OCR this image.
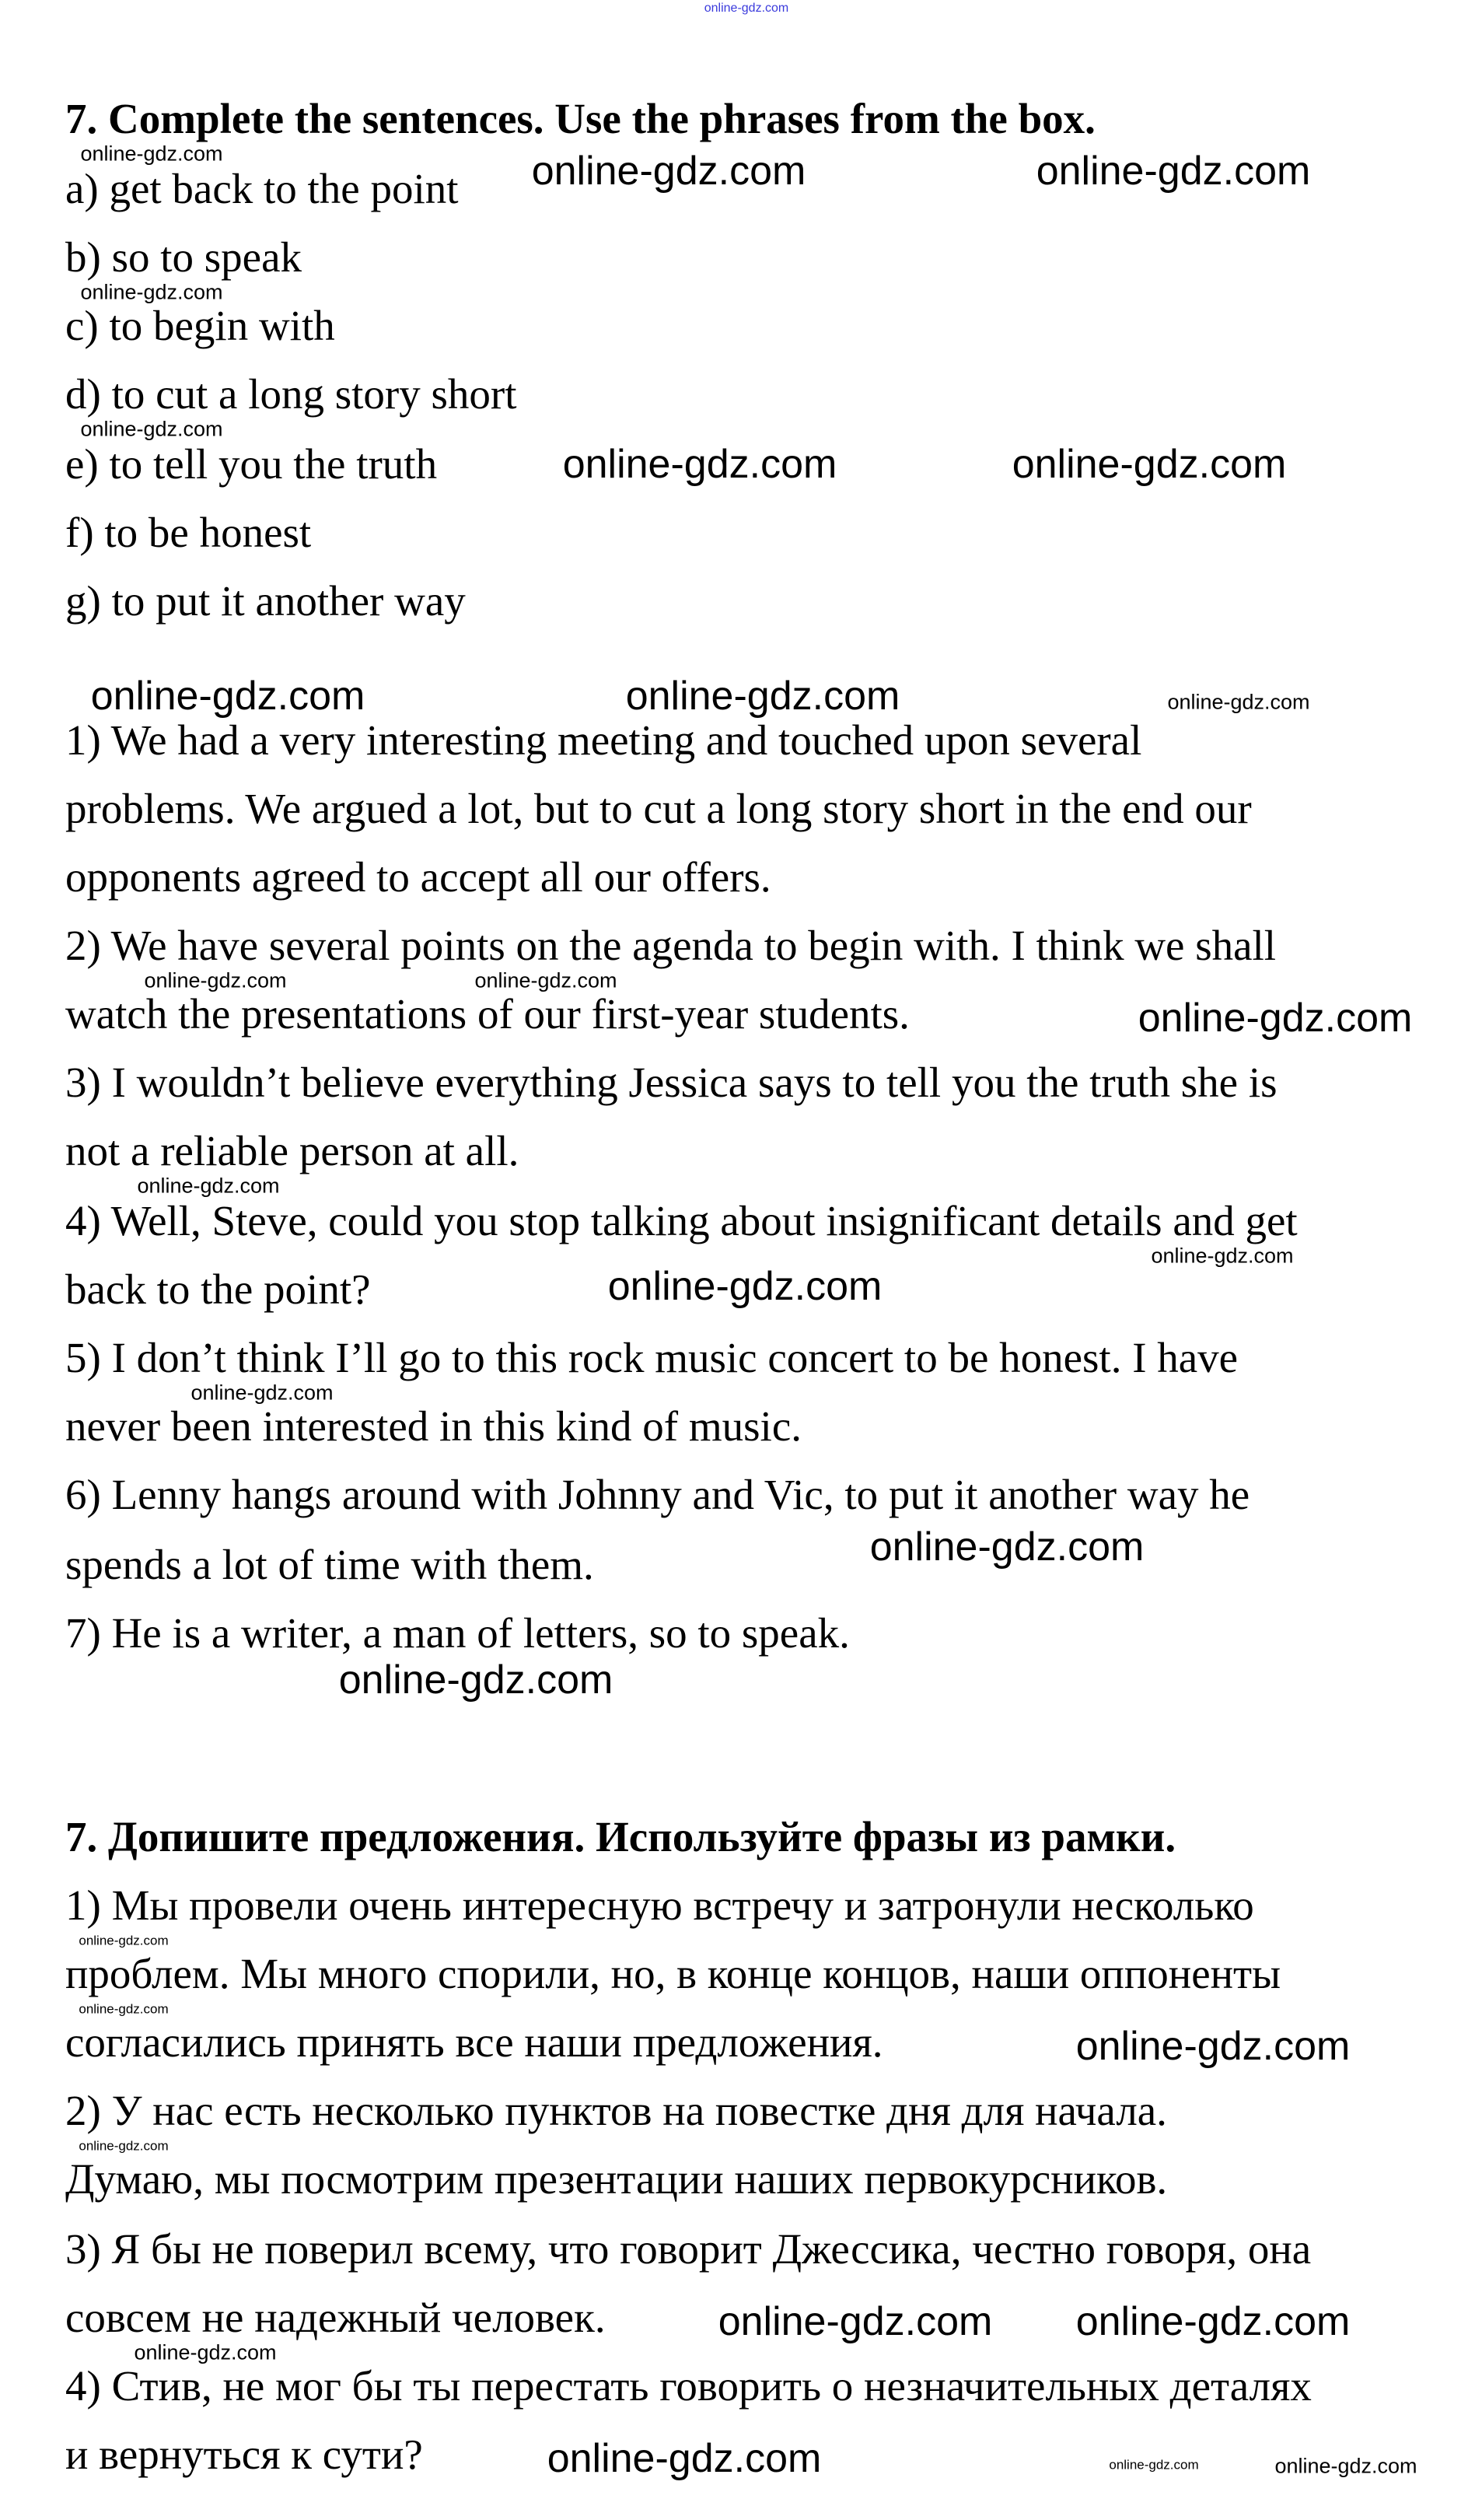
7. Complete the sentences. Use the phrases from the box.
a) get back to the point
b) so to speak
c) to begin with
d) to cut a long story short
e) to tell you the truth
f) to be honest
g) to put it another way
1) We had a very interesting meeting and touched upon several
problems. We argued a lot, but to cut a long story short in the end our
opponents agreed to accept all our offers.
2) We have several points on the agenda to begin with. I think we shall
watch the presentations of our first-year students.
3) I wouldn’t believe everything Jessica says to tell you the truth she is
not a reliable person at all.
4) Well, Steve, could you stop talking about insignificant details and get
back to the point?
5) I don’t think I’ll go to this rock music concert to be honest. I have
never been interested in this kind of music.
6) Lenny hangs around with Johnny and Vic, to put it another way he
spends a lot of time with them.
7) He is a writer, a man of letters, so to speak.
7. Допишите предложения. Используйте фразы из рамки.
1) Мы провели очень интересную встречу и затронули несколько
проблем. Мы много спорили, но, в конце концов, наши оппоненты
согласились принять все наши предложения.
2) У нас есть несколько пунктов на повестке дня для начала.
Думаю, мы посмотрим презентации наших первокурсников.
3) Я бы не поверил всему, что говорит Джессика, честно говоря, она
совсем не надежный человек.
4) Стив, не мог бы ты перестать говорить о незначительных деталях
и вернуться к сути?
online-gdz.com
online-gdz.com	online-gdz.com
online-gdz.com	online-gdz.com
online-gdz.com	online-gdz.com
online-gdz.com
online-gdz.com
online-gdz.com
online-gdz.com
online-gdz.com
online-gdz.com online-gdz.com
online-gdz.com
online-gdz.com
online-gdz.com
online-gdz.com
online-gdz.com
online-gdz.com	online-gdz.com
online-gdz.com
online-gdz.com
online-gdz.com
online-gdz.com
online-gdz.com
online-gdz.com
online-gdz.com
online-gdz.com
online-gdz.com
